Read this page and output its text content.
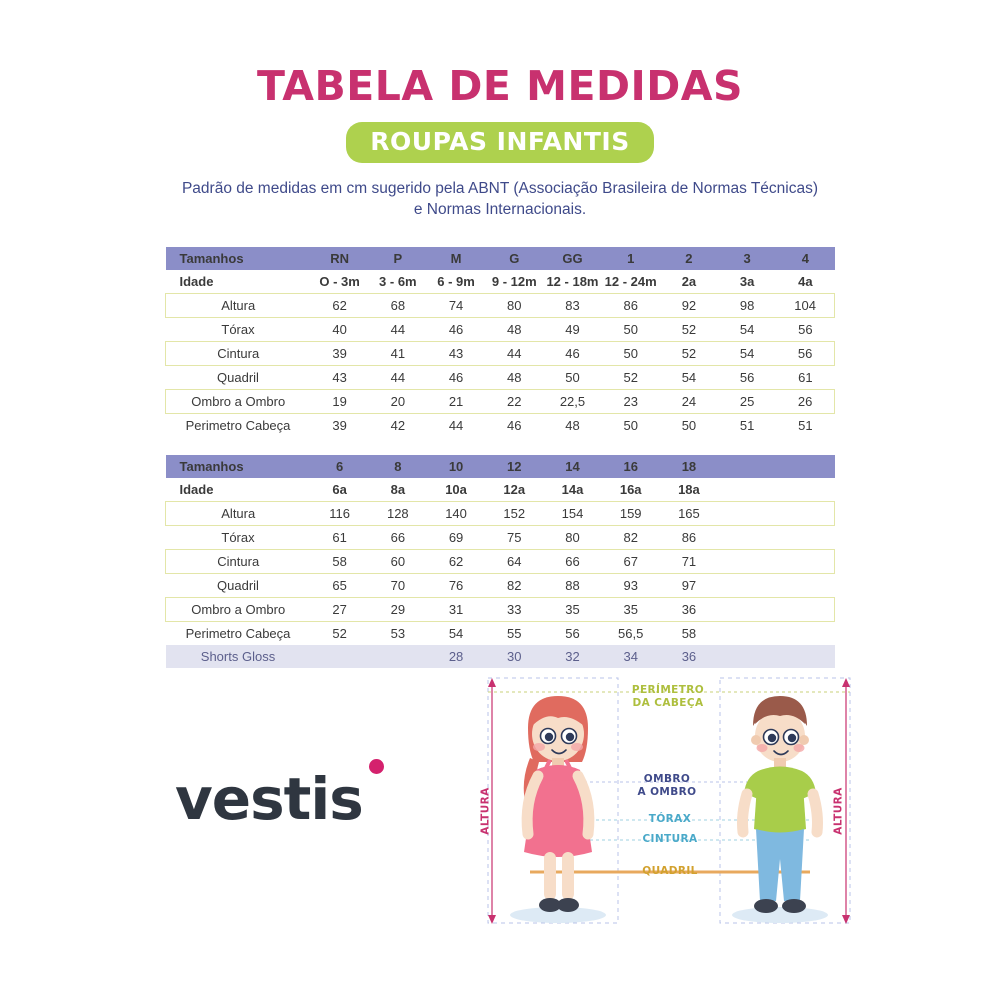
TABELA DE MEDIDAS
ROUPAS INFANTIS
Padrão de medidas em cm sugerido pela ABNT (Associação Brasileira de Normas Técnicas) e Normas Internacionais.
Tamanhos	RN	P	M	G	GG	1	2	3	4
Idade	O - 3m	3 - 6m	6 - 9m	9 - 12m	12 - 18m	12 - 24m	2a	3a	4a
Altura	62	68	74	80	83	86	92	98	104
Tórax	40	44	46	48	49	50	52	54	56
Cintura	39	41	43	44	46	50	52	54	56
Quadril	43	44	46	48	50	52	54	56	61
Ombro a Ombro	19	20	21	22	22,5	23	24	25	26
Perimetro Cabeça	39	42	44	46	48	50	50	51	51
Tamanhos	6	8	10	12	14	16	18		
Idade	6a	8a	10a	12a	14a	16a	18a		
Altura	116	128	140	152	154	159	165		
Tórax	61	66	69	75	80	82	86		
Cintura	58	60	62	64	66	67	71		
Quadril	65	70	76	82	88	93	97		
Ombro a Ombro	27	29	31	33	35	35	36		
Perimetro Cabeça	52	53	54	55	56	56,5	58		
Shorts Gloss			28	30	32	34	36		
vestis
PERÍMETRO
DA CABEÇA
OMBRO
A OMBRO
TÓRAX
CINTURA
QUADRIL
ALTURA	ALTURA
